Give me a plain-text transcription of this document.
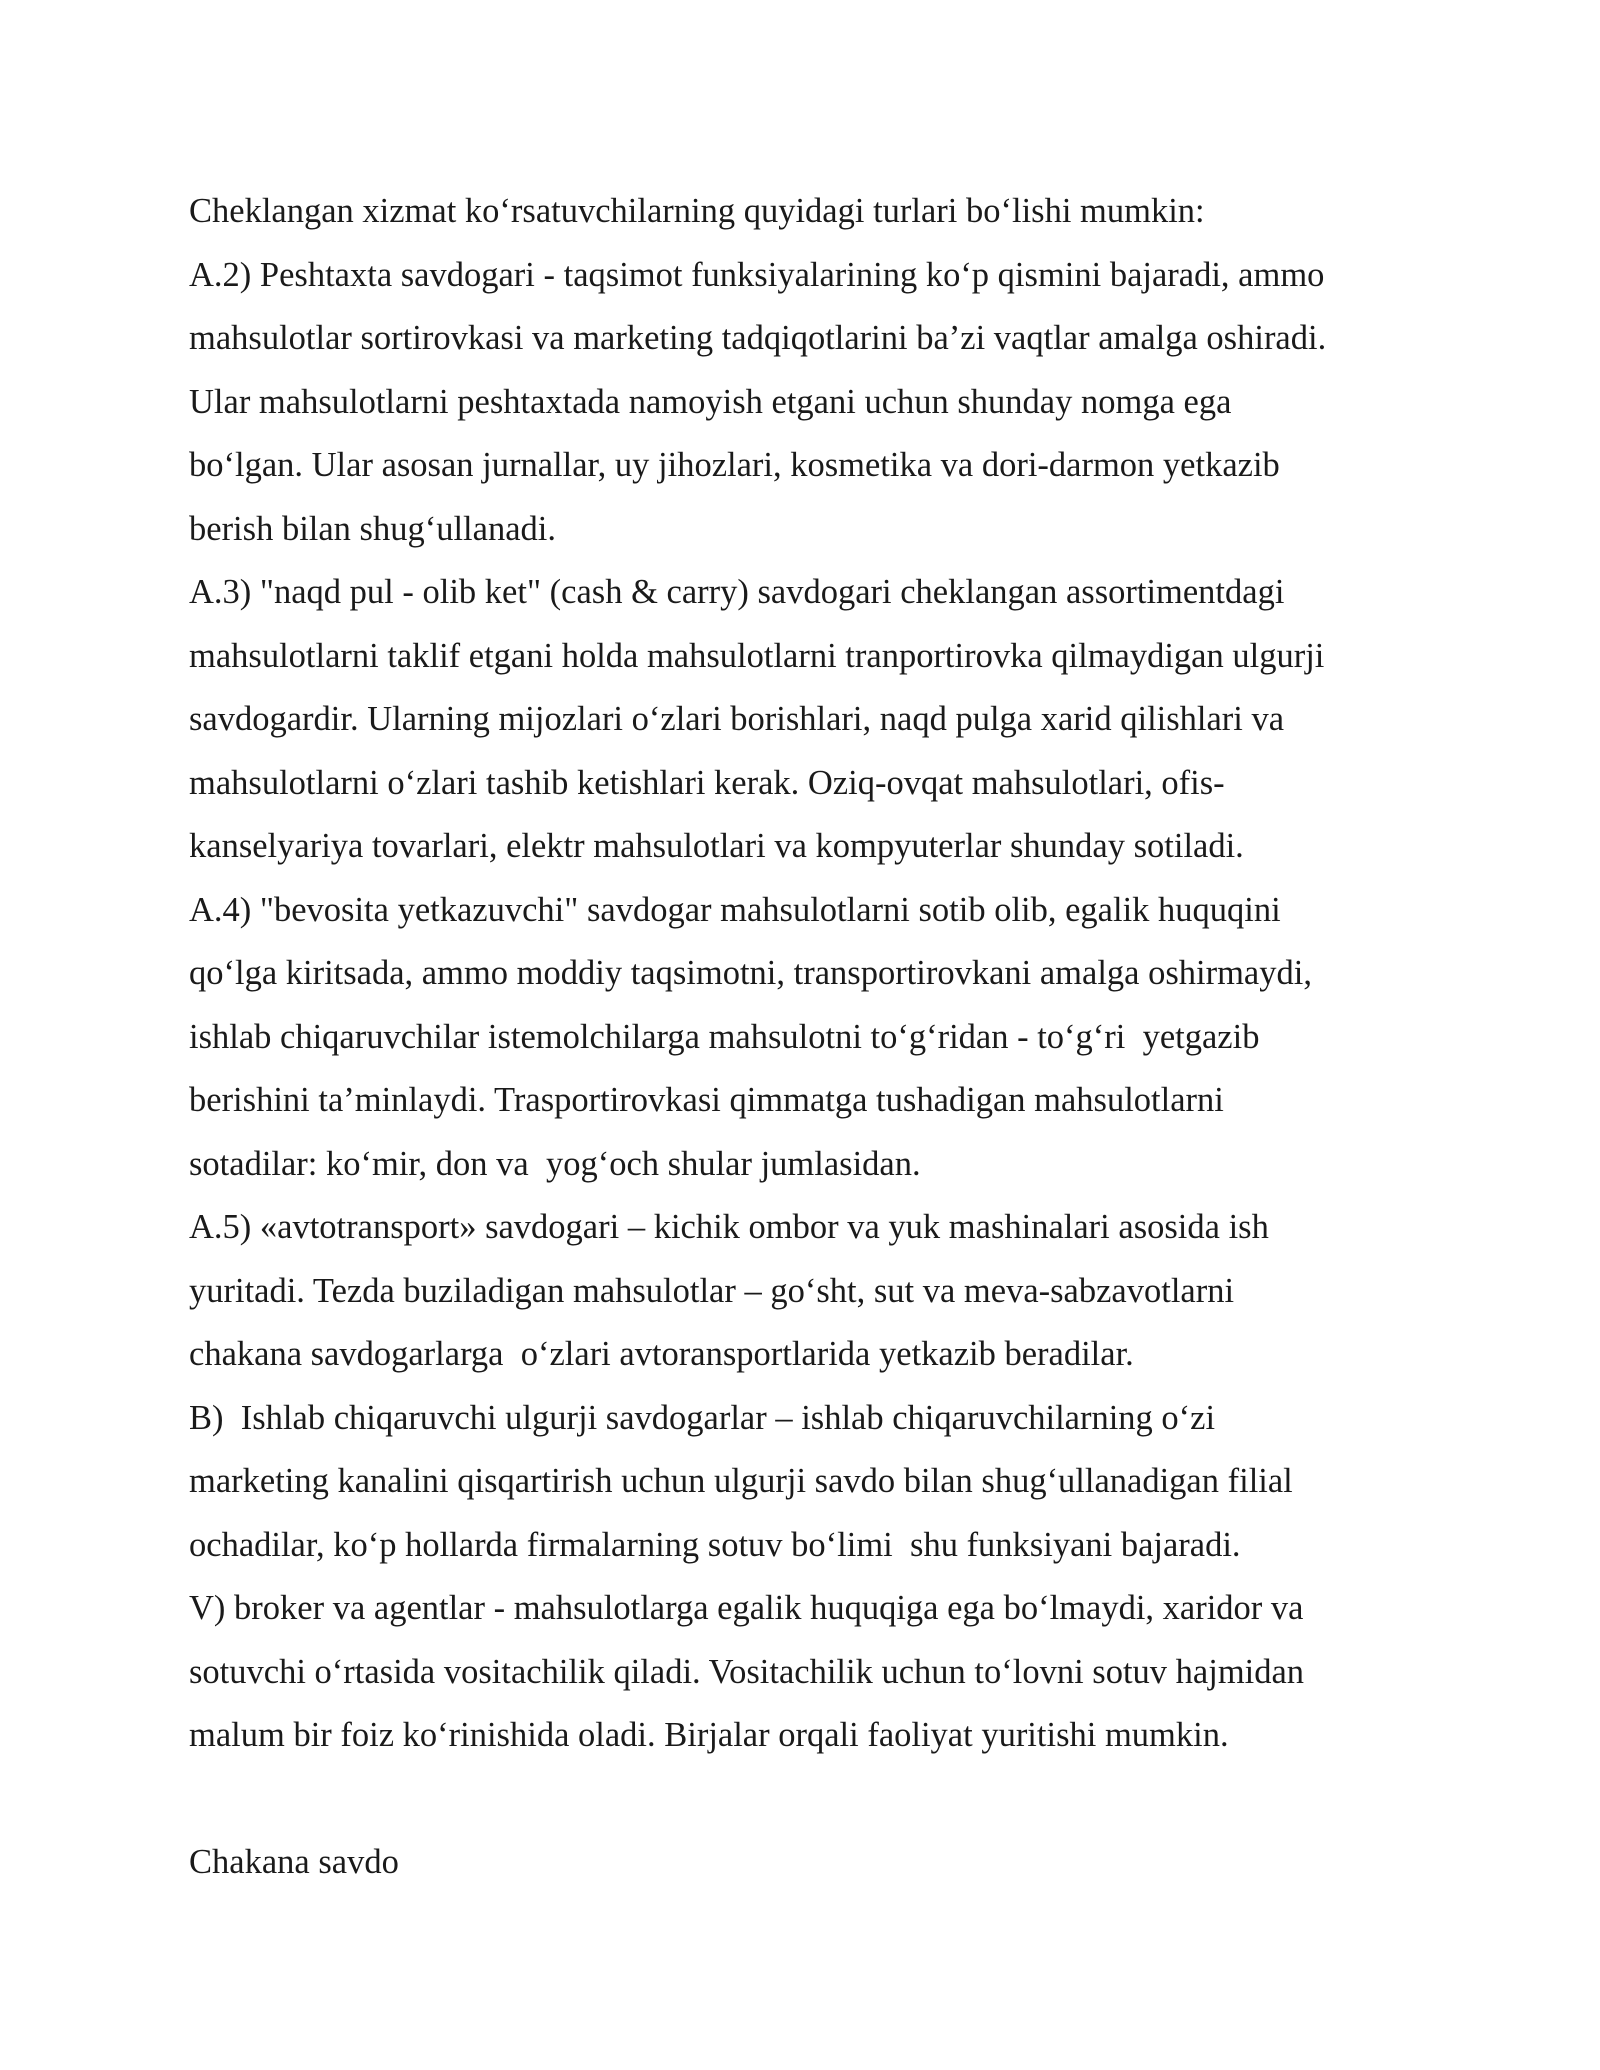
Cheklangan xizmat ko‘rsatuvchilarning quyidagi turlari bo‘lishi mumkin:
A.2) Peshtaxta savdogari - taqsimot funksiyalarining ko‘p qismini bajaradi, ammo
mahsulotlar sortirovkasi va marketing tadqiqotlarini ba’zi vaqtlar amalga oshiradi.
Ular mahsulotlarni peshtaxtada namoyish etgani uchun shunday nomga ega
bo‘lgan. Ular asosan jurnallar, uy jihozlari, kosmetika va dori-darmon yetkazib
berish bilan shug‘ullanadi.
A.3) "naqd pul - olib ket" (cash & carry) savdogari cheklangan assortimentdagi
mahsulotlarni taklif etgani holda mahsulotlarni tranportirovka qilmaydigan ulgurji
savdogardir. Ularning mijozlari o‘zlari borishlari, naqd pulga xarid qilishlari va
mahsulotlarni o‘zlari tashib ketishlari kerak. Oziq-ovqat mahsulotlari, ofis-
kanselyariya tovarlari, elektr mahsulotlari va kompyuterlar shunday sotiladi.
A.4) "bevosita yetkazuvchi" savdogar mahsulotlarni sotib olib, egalik huquqini
qo‘lga kiritsada, ammo moddiy taqsimotni, transportirovkani amalga oshirmaydi,
ishlab chiqaruvchilar istemolchilarga mahsulotni to‘g‘ridan - to‘g‘ri  yetgazib
berishini ta’minlaydi. Trasportirovkasi qimmatga tushadigan mahsulotlarni
sotadilar: ko‘mir, don va  yog‘och shular jumlasidan.
A.5) «avtotransport» savdogari – kichik ombor va yuk mashinalari asosida ish
yuritadi. Tezda buziladigan mahsulotlar – go‘sht, sut va meva-sabzavotlarni
chakana savdogarlarga  o‘zlari avtoransportlarida yetkazib beradilar.
B)  Ishlab chiqaruvchi ulgurji savdogarlar – ishlab chiqaruvchilarning o‘zi
marketing kanalini qisqartirish uchun ulgurji savdo bilan shug‘ullanadigan filial
ochadilar, ko‘p hollarda firmalarning sotuv bo‘limi  shu funksiyani bajaradi.
V) broker va agentlar - mahsulotlarga egalik huquqiga ega bo‘lmaydi, xaridor va
sotuvchi o‘rtasida vositachilik qiladi. Vositachilik uchun to‘lovni sotuv hajmidan
malum bir foiz ko‘rinishida oladi. Birjalar orqali faoliyat yuritishi mumkin.
Chakana savdo
